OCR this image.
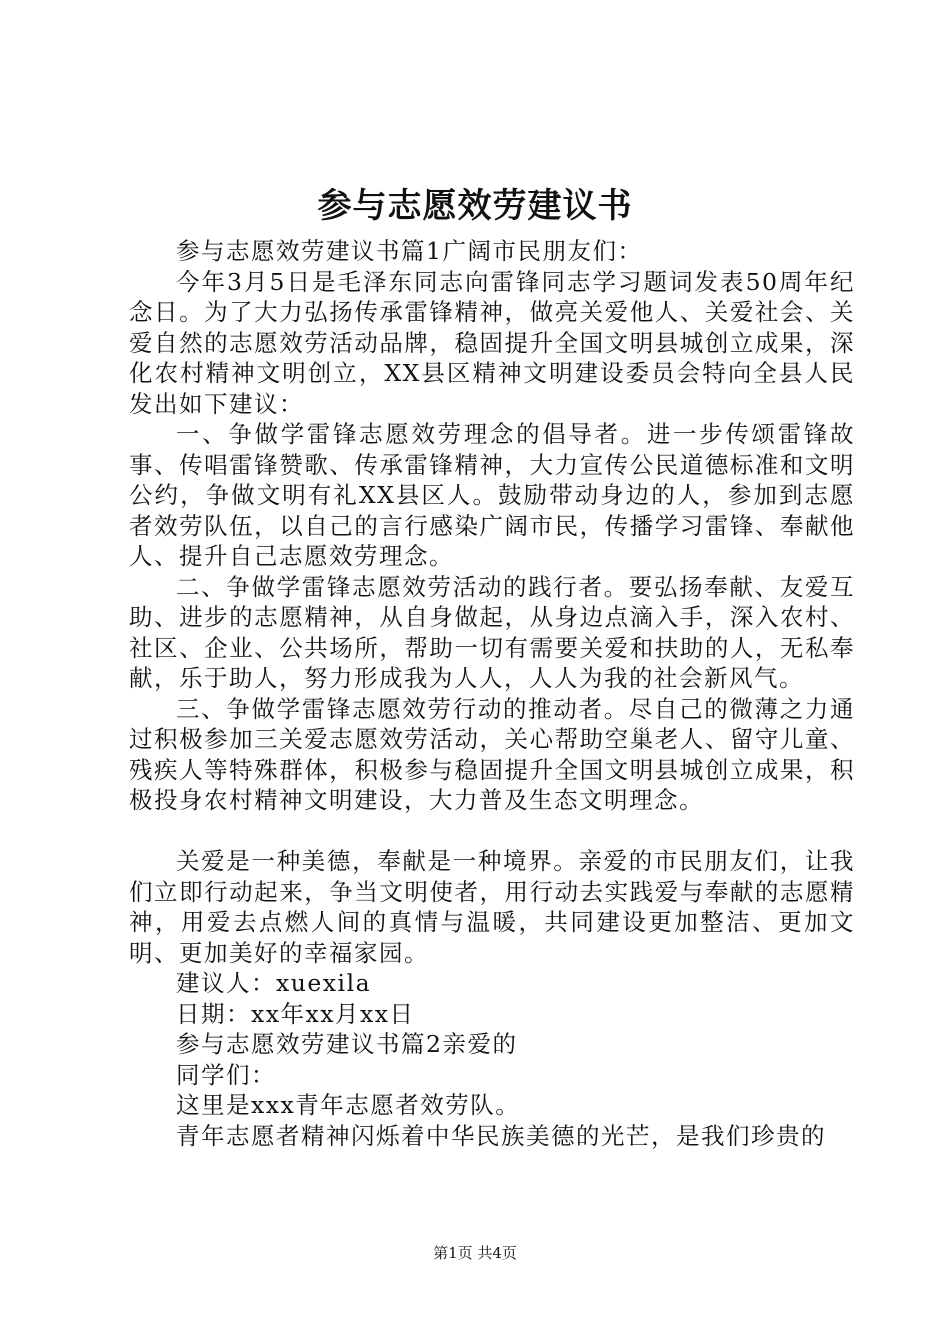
参与志愿效劳建议书

参与志愿效劳建议书篇1广阔市民朋友们：

今年3月5日是毛泽东同志向雷锋同志学习题词发表50周年纪念日。为了大力弘扬传承雷锋精神，做亮关爱他人、关爱社会、关爱自然的志愿效劳活动品牌，稳固提升全国文明县城创立成果，深化农村精神文明创立，XX县区精神文明建设委员会特向全县人民发出如下建议：

一、争做学雷锋志愿效劳理念的倡导者。进一步传颂雷锋故事、传唱雷锋赞歌、传承雷锋精神，大力宣传公民道德标准和文明公约，争做文明有礼XX县区人。鼓励带动身边的人，参加到志愿者效劳队伍，以自己的言行感染广阔市民，传播学习雷锋、奉献他人、提升自己志愿效劳理念。

二、争做学雷锋志愿效劳活动的践行者。要弘扬奉献、友爱互助、进步的志愿精神，从自身做起，从身边点滴入手，深入农村、社区、企业、公共场所，帮助一切有需要关爱和扶助的人，无私奉献，乐于助人，努力形成我为人人，人人为我的社会新风气。

三、争做学雷锋志愿效劳行动的推动者。尽自己的微薄之力通过积极参加三关爱志愿效劳活动，关心帮助空巢老人、留守儿童、残疾人等特殊群体，积极参与稳固提升全国文明县城创立成果，积极投身农村精神文明建设，大力普及生态文明理念。

关爱是一种美德，奉献是一种境界。亲爱的市民朋友们，让我们立即行动起来，争当文明使者，用行动去实践爱与奉献的志愿精神，用爱去点燃人间的真情与温暖，共同建设更加整洁、更加文明、更加美好的幸福家园。

建议人：xuexila

日期：xx年xx月xx日

参与志愿效劳建议书篇2亲爱的

同学们：

这里是xxx青年志愿者效劳队。

青年志愿者精神闪烁着中华民族美德的光芒，是我们珍贵的

第1页 共4页
